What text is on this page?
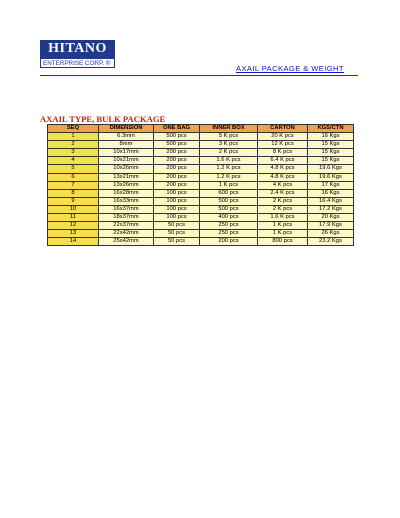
HITANO
ENTERPRISE CORP. ®
AXAIL PACKAGE & WEIGHT
AXAIL TYPE, BULK PACKAGE
SEQ	DIMENSION	ONE BAG	INNER BOX	CARTON	KGS/CTN
1	6.3mm	500 pcs	5 K pcs	20 K pcs	16 Kgs
2	8mm	500 pcs	3 K pcs	12 K pcs	15 Kgs
3	10x17mm	200 pcs	2 K pcs	8 K pcs	15 Kgs
4	10x21mm	200 pcs	1.6 K pcs	6.4 K pcs	15 Kgs
5	10x26mm	200 pcs	1.2 K pcs	4.8 K pcs	19.6 Kgs
6	13x21mm	200 pcs	1.2 K pcs	4.8 K pcs	19.6 Kgs
7	13x26mm	200 pcs	1 K pcs	4 K pcs	17 Kgs
8	16x28mm	100 pcs	600 pcs	2.4 K pcs	16 Kgs
9	16x33mm	100 pcs	500 pcs	2 K pcs	16.4 Kgs
10	16x37mm	100 pcs	500 pcs	2 K pcs	17.2 Kgs
11	18x37mm	100 pcs	400 pcs	1.6 K pcs	20 Kgs
12	22x37mm	50 pcs	250 pcs	1 K pcs	17.9 Kgs
13	22x42mm	50 pcs	250 pcs	1 K pcs	26 Kgs
14	25x42mm	50 pcs	200 pcs	800 pcs	23.2 Kgs
